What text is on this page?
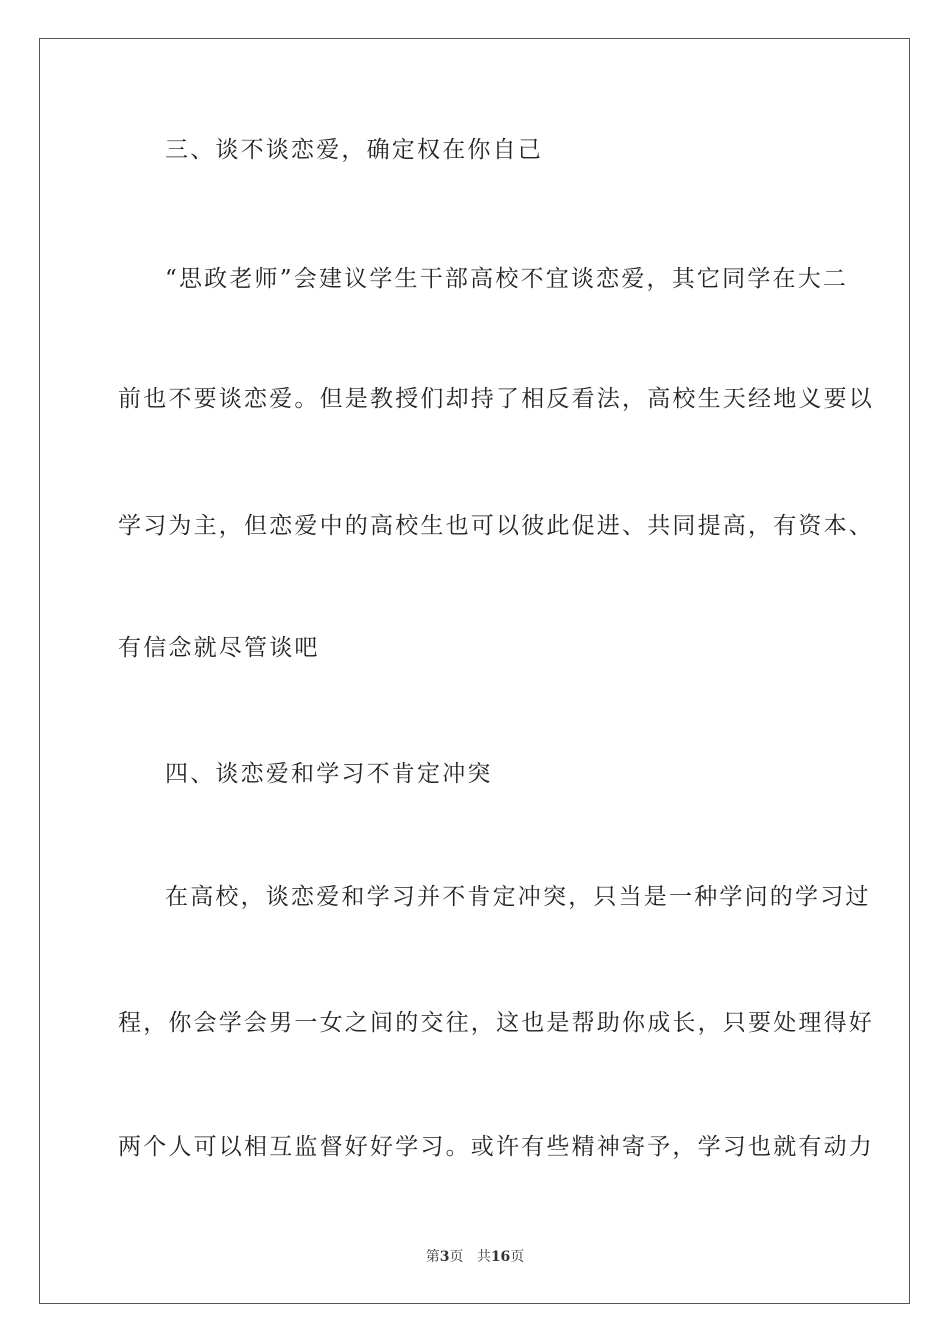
三、谈不谈恋爱，确定权在你自己
“思政老师”会建议学生干部高校不宜谈恋爱，其它同学在大二
前也不要谈恋爱。但是教授们却持了相反看法，高校生天经地义要以
学习为主，但恋爱中的高校生也可以彼此促进、共同提高，有资本、
有信念就尽管谈吧
四、谈恋爱和学习不肯定冲突
在高校，谈恋爱和学习并不肯定冲突，只当是一种学问的学习过
程，你会学会男一女之间的交往，这也是帮助你成长，只要处理得好
两个人可以相互监督好好学习。或许有些精神寄予，学习也就有动力
第3页 共16页
